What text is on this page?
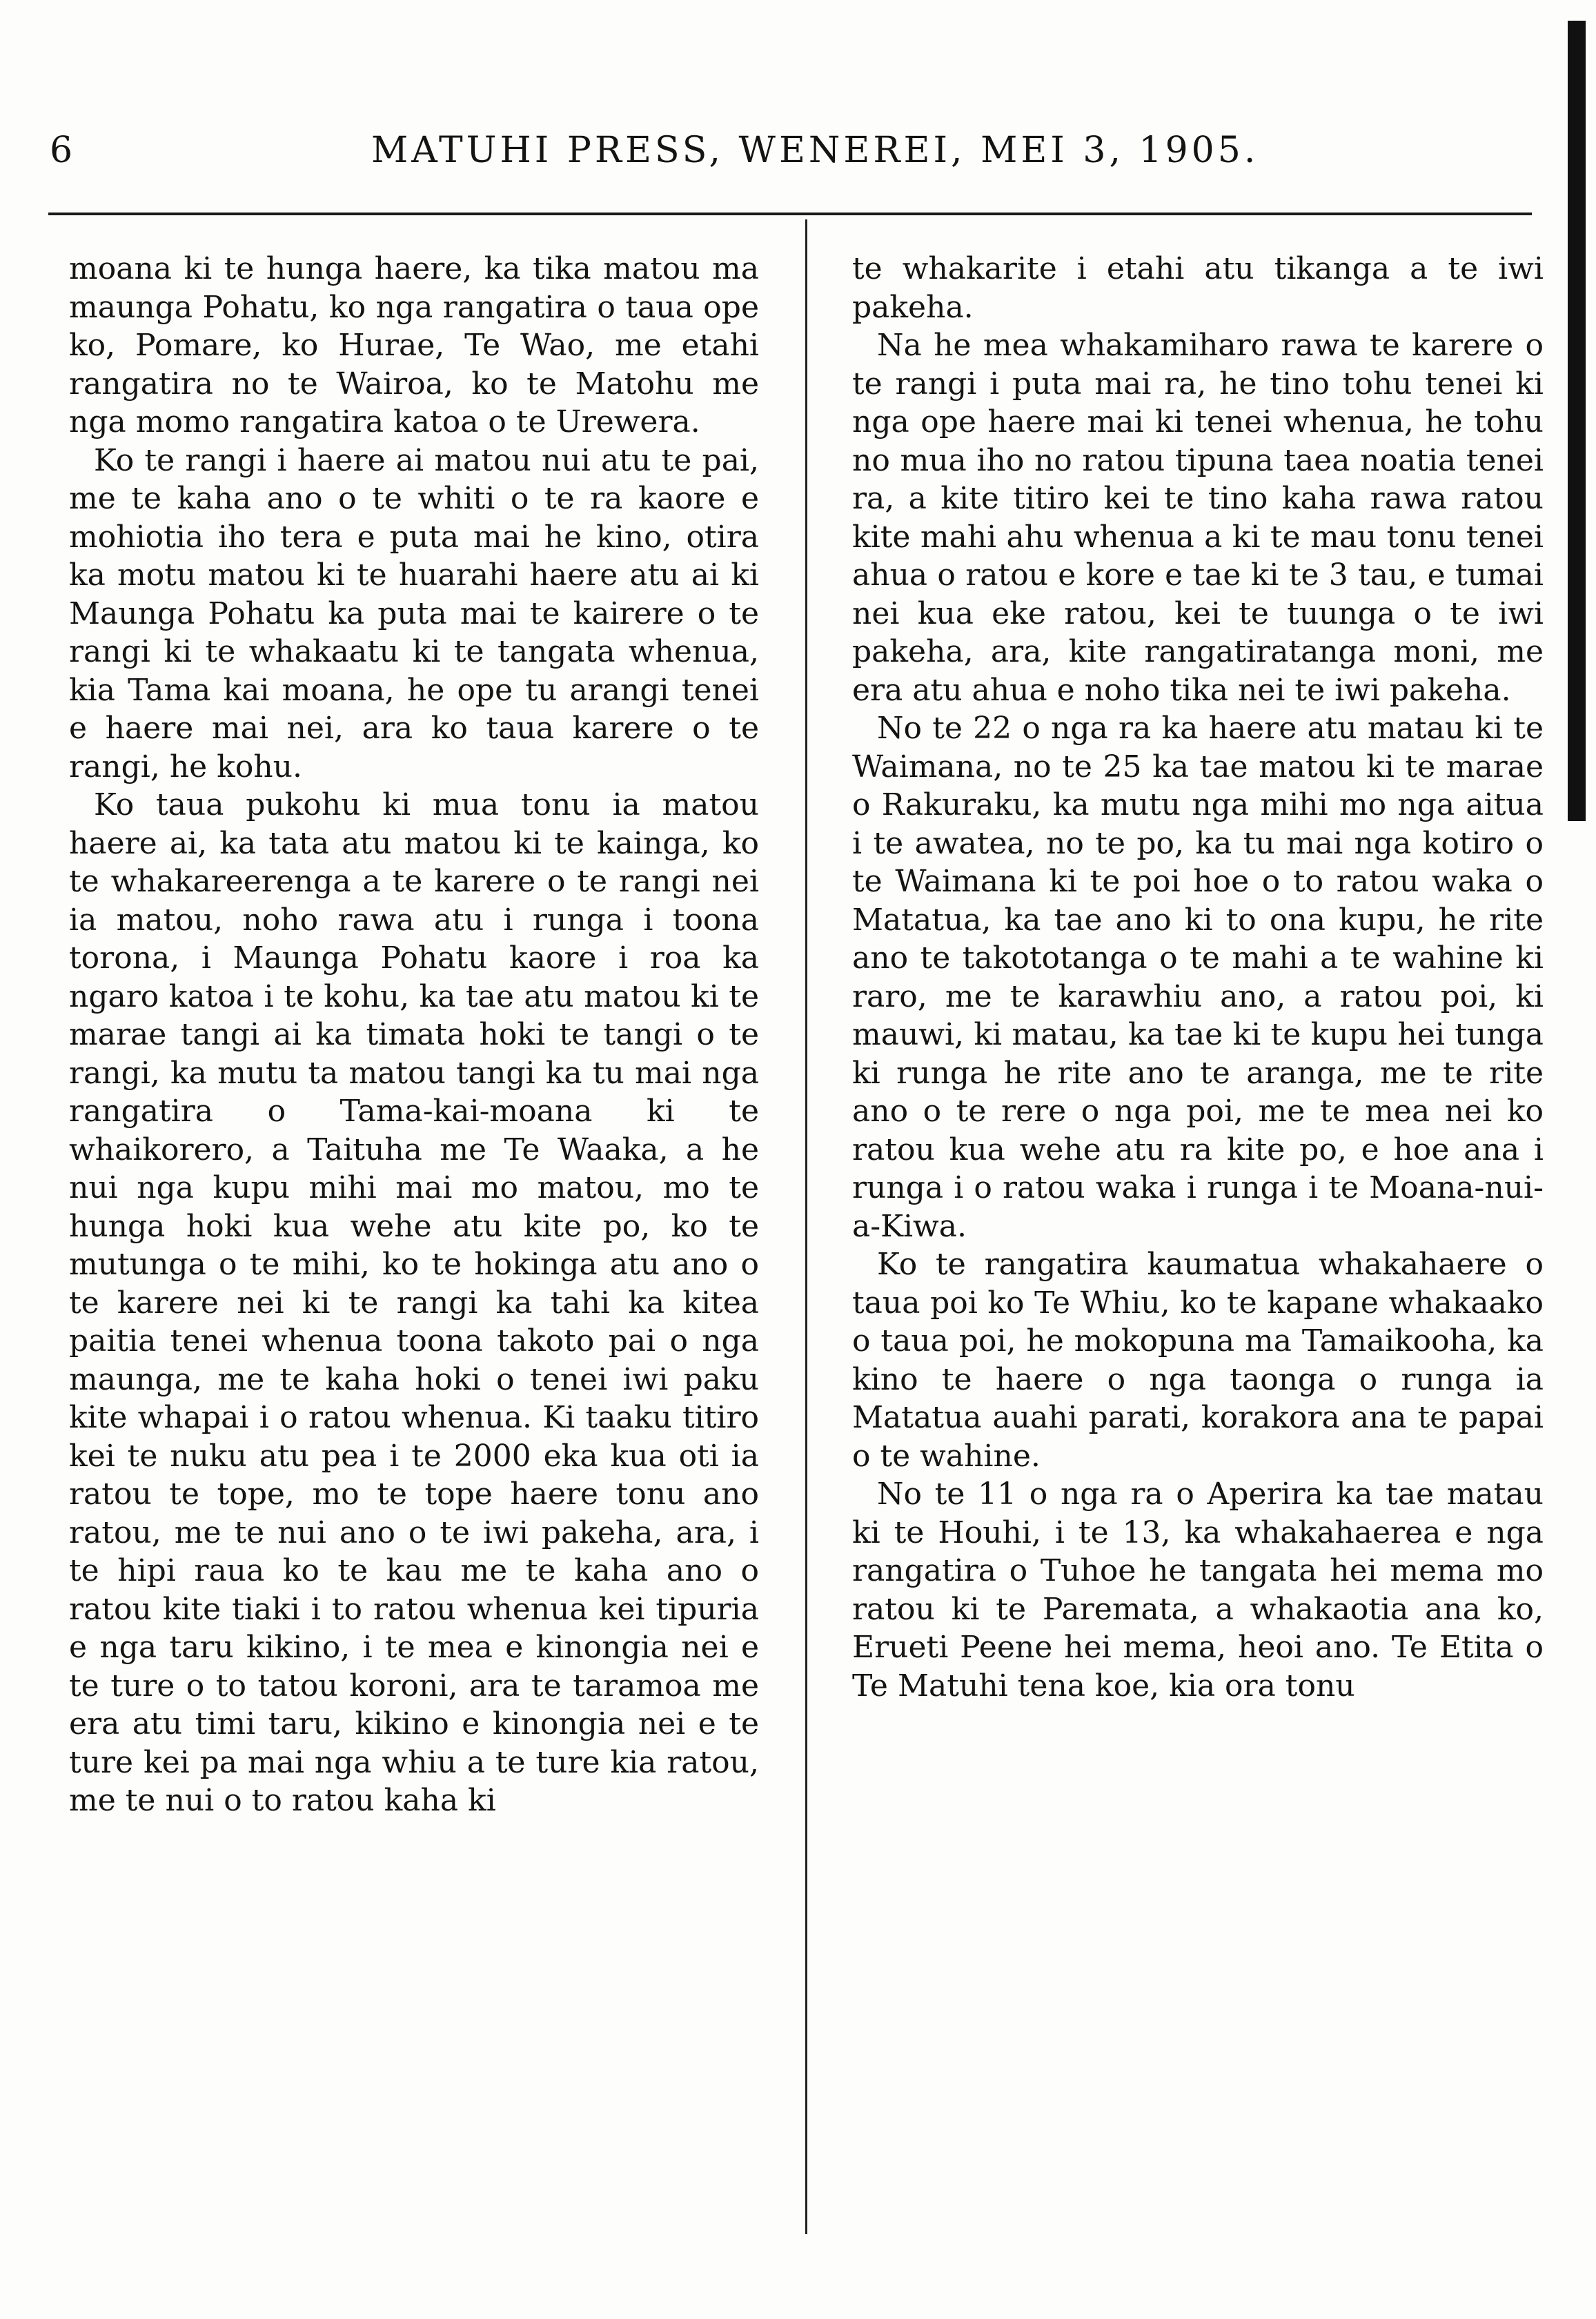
6	MATUHI PRESS, WENEREI, MEI 3, 1905.

moana ki te hunga haere, ka tika matou ma maunga Pohatu, ko nga rangatira o taua ope ko, Pomare, ko Hurae, Te Wao, me etahi rangatira no te Wairoa, ko te Matohu me nga momo rangatira katoa o te Urewera.

Ko te rangi i haere ai matou nui atu te pai, me te kaha ano o te whiti o te ra kaore e mohiotia iho tera e puta mai he kino, otira ka motu matou ki te huarahi haere atu ai ki Maunga Pohatu ka puta mai te kairere o te rangi ki te whakaatu ki te tangata whenua, kia Tama kai moana, he ope tu arangi tenei e haere mai nei, ara ko taua karere o te rangi, he kohu.

Ko taua pukohu ki mua tonu ia matou haere ai, ka tata atu matou ki te kainga, ko te whakareerenga a te karere o te rangi nei ia matou, noho rawa atu i runga i toona torona, i Maunga Pohatu kaore i roa ka ngaro katoa i te kohu, ka tae atu matou ki te marae tangi ai ka timata hoki te tangi o te rangi, ka mutu ta matou tangi ka tu mai nga rangatira o Tama-kai-moana ki te whaikorero, a Taituha me Te Waaka, a he nui nga kupu mihi mai mo matou, mo te hunga hoki kua wehe atu kite po, ko te mutunga o te mihi, ko te hokinga atu ano o te karere nei ki te rangi ka tahi ka kitea paitia tenei whenua toona takoto pai o nga maunga, me te kaha hoki o tenei iwi paku kite whapai i o ratou whenua. Ki taaku titiro kei te nuku atu pea i te 2000 eka kua oti ia ratou te tope, mo te tope haere tonu ano ratou, me te nui ano o te iwi pakeha, ara, i te hipi raua ko te kau me te kaha ano o ratou kite tiaki i to ratou whenua kei tipuria e nga taru kikino, i te mea e kinongia nei e te ture o to tatou koroni, ara te taramoa me era atu timi taru, kikino e kinongia nei e te ture kei pa mai nga whiu a te ture kia ratou, me te nui o to ratou kaha ki

te whakarite i etahi atu tikanga a te iwi pakeha.

Na he mea whakamiharo rawa te karere o te rangi i puta mai ra, he tino tohu tenei ki nga ope haere mai ki tenei whenua, he tohu no mua iho no ratou tipuna taea noatia tenei ra, a kite titiro kei te tino kaha rawa ratou kite mahi ahu whenua a ki te mau tonu tenei ahua o ratou e kore e tae ki te 3 tau, e tumai nei kua eke ratou, kei te tuunga o te iwi pakeha, ara, kite rangatiratanga moni, me era atu ahua e noho tika nei te iwi pakeha.

No te 22 o nga ra ka haere atu matau ki te Waimana, no te 25 ka tae matou ki te marae o Rakuraku, ka mutu nga mihi mo nga aitua i te awatea, no te po, ka tu mai nga kotiro o te Waimana ki te poi hoe o to ratou waka o Matatua, ka tae ano ki to ona kupu, he rite ano te takototanga o te mahi a te wahine ki raro, me te karawhiu ano, a ratou poi, ki mauwi, ki matau, ka tae ki te kupu hei tunga ki runga he rite ano te aranga, me te rite ano o te rere o nga poi, me te mea nei ko ratou kua wehe atu ra kite po, e hoe ana i runga i o ratou waka i runga i te Moana-nui-a-Kiwa.

Ko te rangatira kaumatua whakahaere o taua poi ko Te Whiu, ko te kapane whakaako o taua poi, he mokopuna ma Tamaikooha, ka kino te haere o nga taonga o runga ia Matatua auahi parati, korakora ana te papai o te wahine.

No te 11 o nga ra o Aperira ka tae matau ki te Houhi, i te 13, ka whakahaerea e nga rangatira o Tuhoe he tangata hei mema mo ratou ki te Paremata, a whakaotia ana ko, Erueti Peene hei mema, heoi ano. Te Etita o Te Matuhi tena koe, kia ora tonu
